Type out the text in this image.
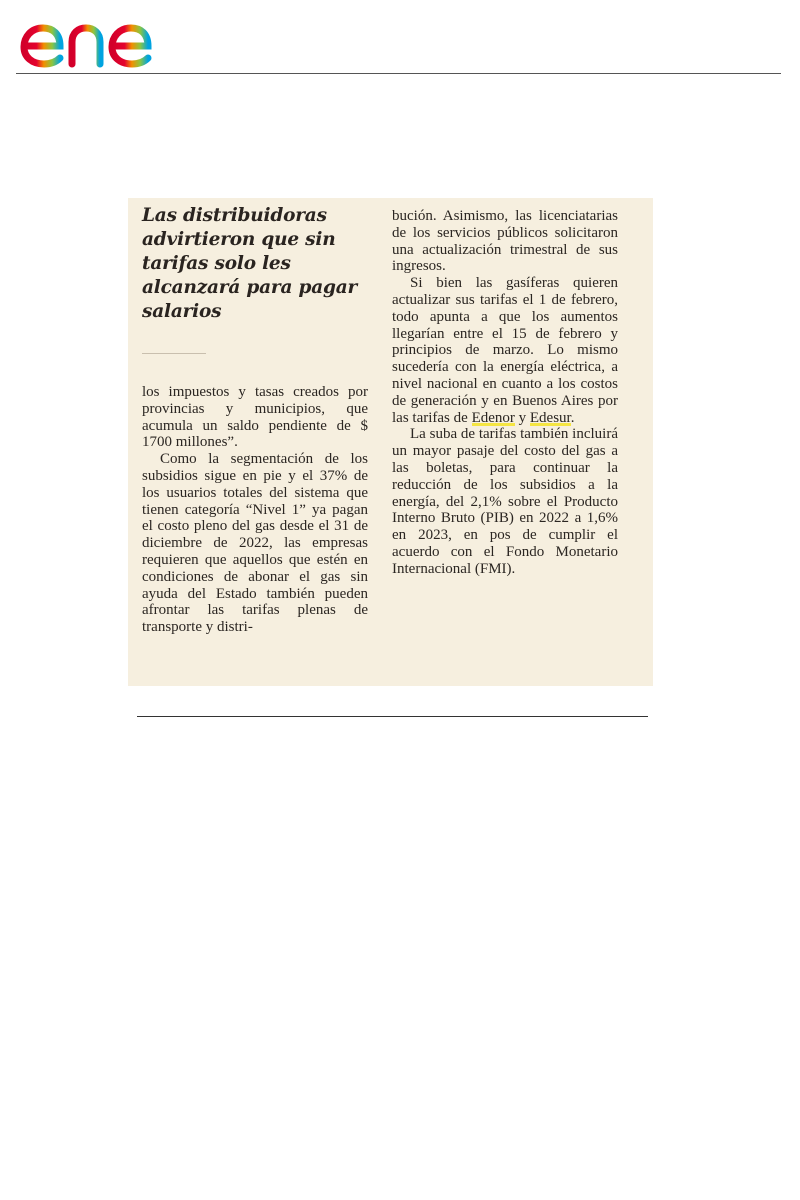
Las distribuidoras advirtieron que sin tarifas solo les alcanzará para pagar salarios

los impuestos y tasas creados por provincias y municipios, que acumula un saldo pendiente de $ 1700 millones”.

Como la segmentación de los subsidios sigue en pie y el 37% de los usuarios totales del sistema que tienen categoría “Nivel 1” ya pagan el costo pleno del gas desde el 31 de diciembre de 2022, las empresas requieren que aquellos que estén en condiciones de abonar el gas sin ayuda del Estado también pueden afrontar las tarifas plenas de transporte y distri-

bución. Asimismo, las licenciatarias de los servicios públicos solicitaron una actualización trimestral de sus ingresos.

Si bien las gasíferas quieren actualizar sus tarifas el 1 de febrero, todo apunta a que los aumentos llegarían entre el 15 de febrero y principios de marzo. Lo mismo sucedería con la energía eléctrica, a nivel nacional en cuanto a los costos de generación y en Buenos Aires por las tarifas de Edenor y Edesur.

La suba de tarifas también incluirá un mayor pasaje del costo del gas a las boletas, para continuar la reducción de los subsidios a la energía, del 2,1% sobre el Producto Interno Bruto (PIB) en 2022 a 1,6% en 2023, en pos de cumplir el acuerdo con el Fondo Monetario Internacional (FMI).
